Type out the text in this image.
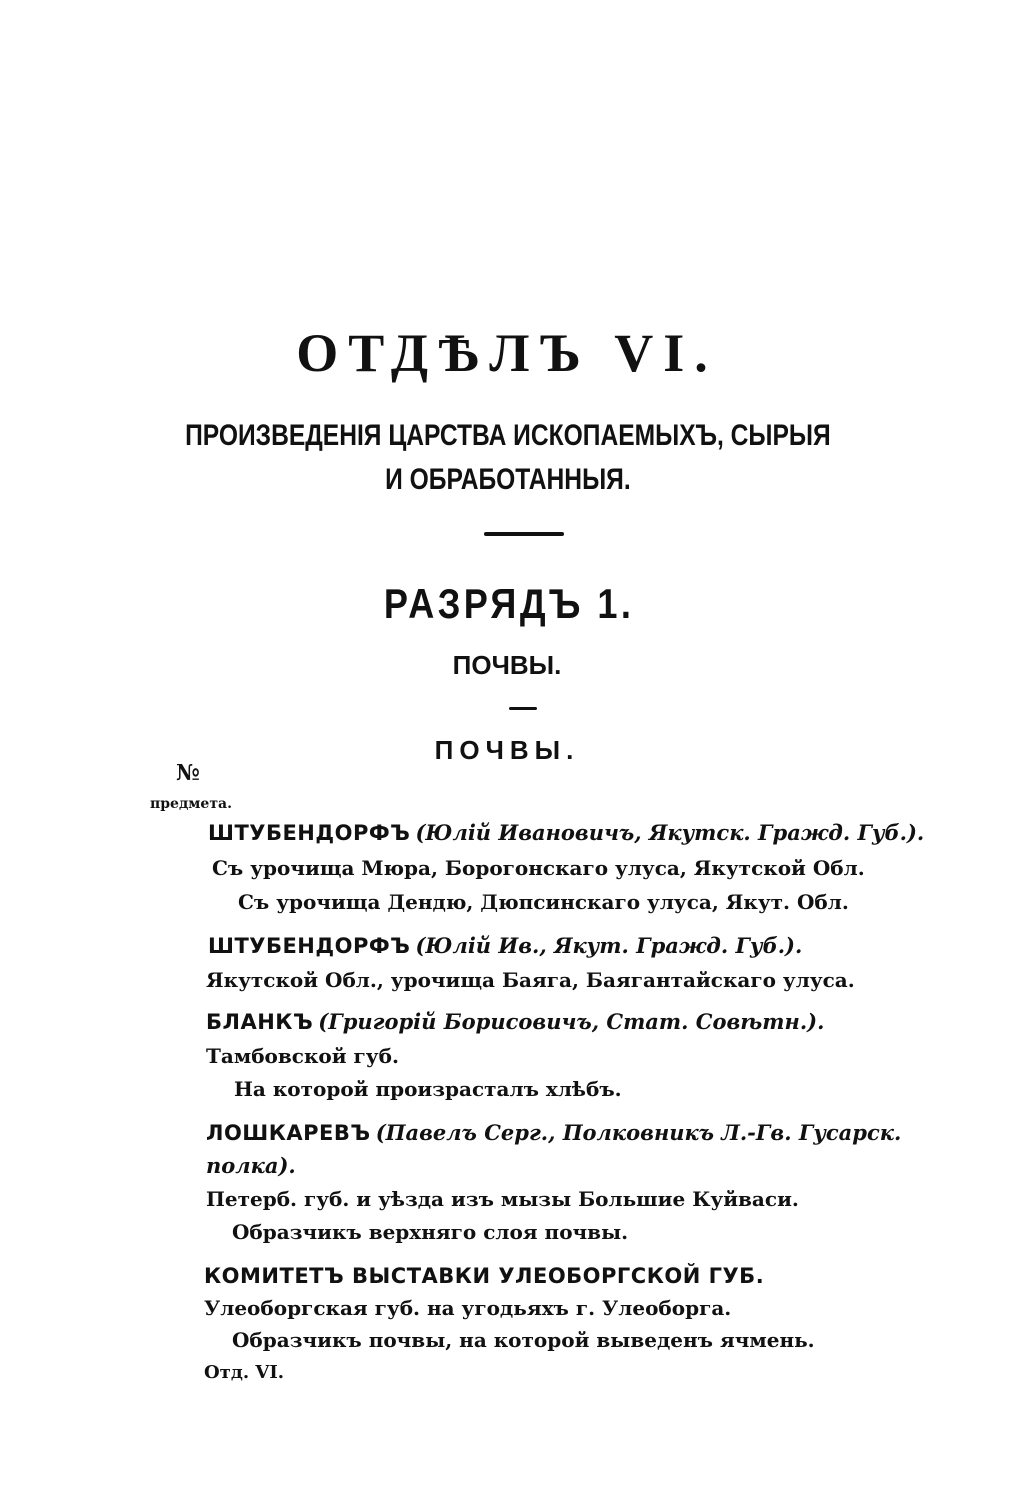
ОТДѢЛЪ VI.
ПРОИЗВЕДЕНІЯ ЦАРСТВА ИСКОПАЕМЫХЪ, СЫРЫЯ
И ОБРАБОТАННЫЯ.
РАЗРЯДЪ 1.
ПОЧВЫ.
ПОЧВЫ.
№
предмета.
ШТУБЕНДОРФЪ (Юлій Ивановичъ, Якутск. Гражд. Губ.).
Съ урочища Мюра, Борогонскаго улуса, Якутской Обл.
Съ урочища Дендю, Дюпсинскаго улуса, Якут. Обл.
ШТУБЕНДОРФЪ (Юлій Ив., Якут. Гражд. Губ.).
Якутской Обл., урочища Баяга, Баягантайскаго улуса.
БЛАНКЪ (Григорій Борисовичъ, Стат. Совѣтн.).
Тамбовской губ.
На которой произрасталъ хлѣбъ.
ЛОШКАРЕВЪ (Павелъ Серг., Полковникъ Л.-Гв. Гусарск.
полка).
Петерб. губ. и уѣзда изъ мызы Большие Куйваси.
Образчикъ верхняго слоя почвы.
КОМИТЕТЪ ВЫСТАВКИ УЛЕОБОРГСКОЙ ГУБ.
Улеоборгская губ. на угодьяхъ г. Улеоборга.
Образчикъ почвы, на которой выведенъ ячмень.
Отд. VI.
